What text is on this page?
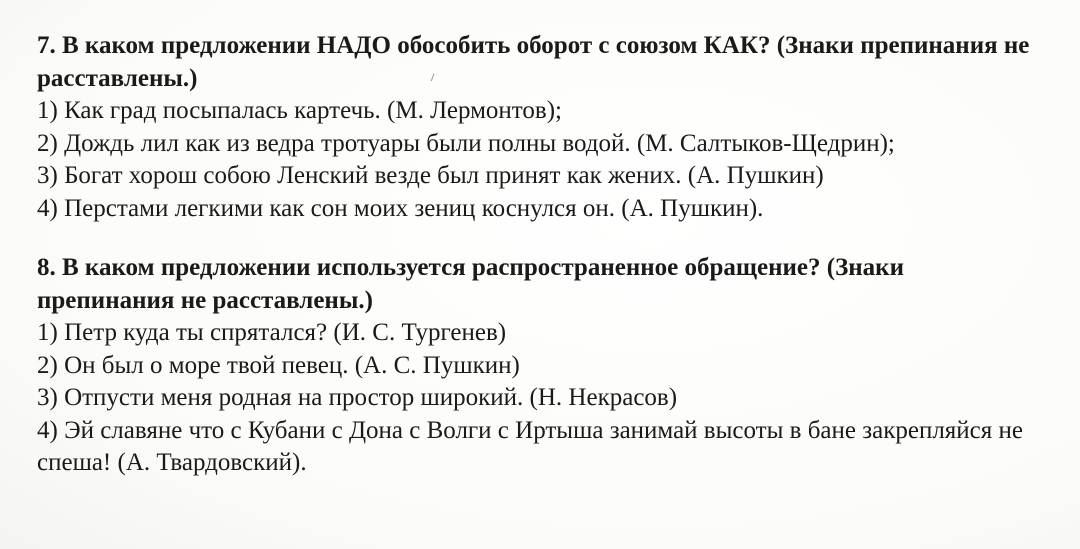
7. В каком предложении НАДО обособить оборот с союзом КАК? (Знаки препинания не расставлены.)

1) Как град посыпалась картечь. (М. Лермонтов);

2) Дождь лил как из ведра тротуары были полны водой. (М. Салтыков-Щедрин);

3) Богат хорош собою Ленский везде был принят как жених. (А. Пушкин)

4) Перстами легкими как сон моих зениц коснулся он. (А. Пушкин).

8. В каком предложении используется распространенное обращение? (Знаки препинания не расставлены.)

1) Петр куда ты спрятался? (И. С. Тургенев)

2) Он был о море твой певец. (А. С. Пушкин)

3) Отпусти меня родная на простор широкий. (Н. Некрасов)

4) Эй славяне что с Кубани с Дона с Волги с Иртыша занимай высоты в бане закрепляйся не спеша! (А. Твардовский).
